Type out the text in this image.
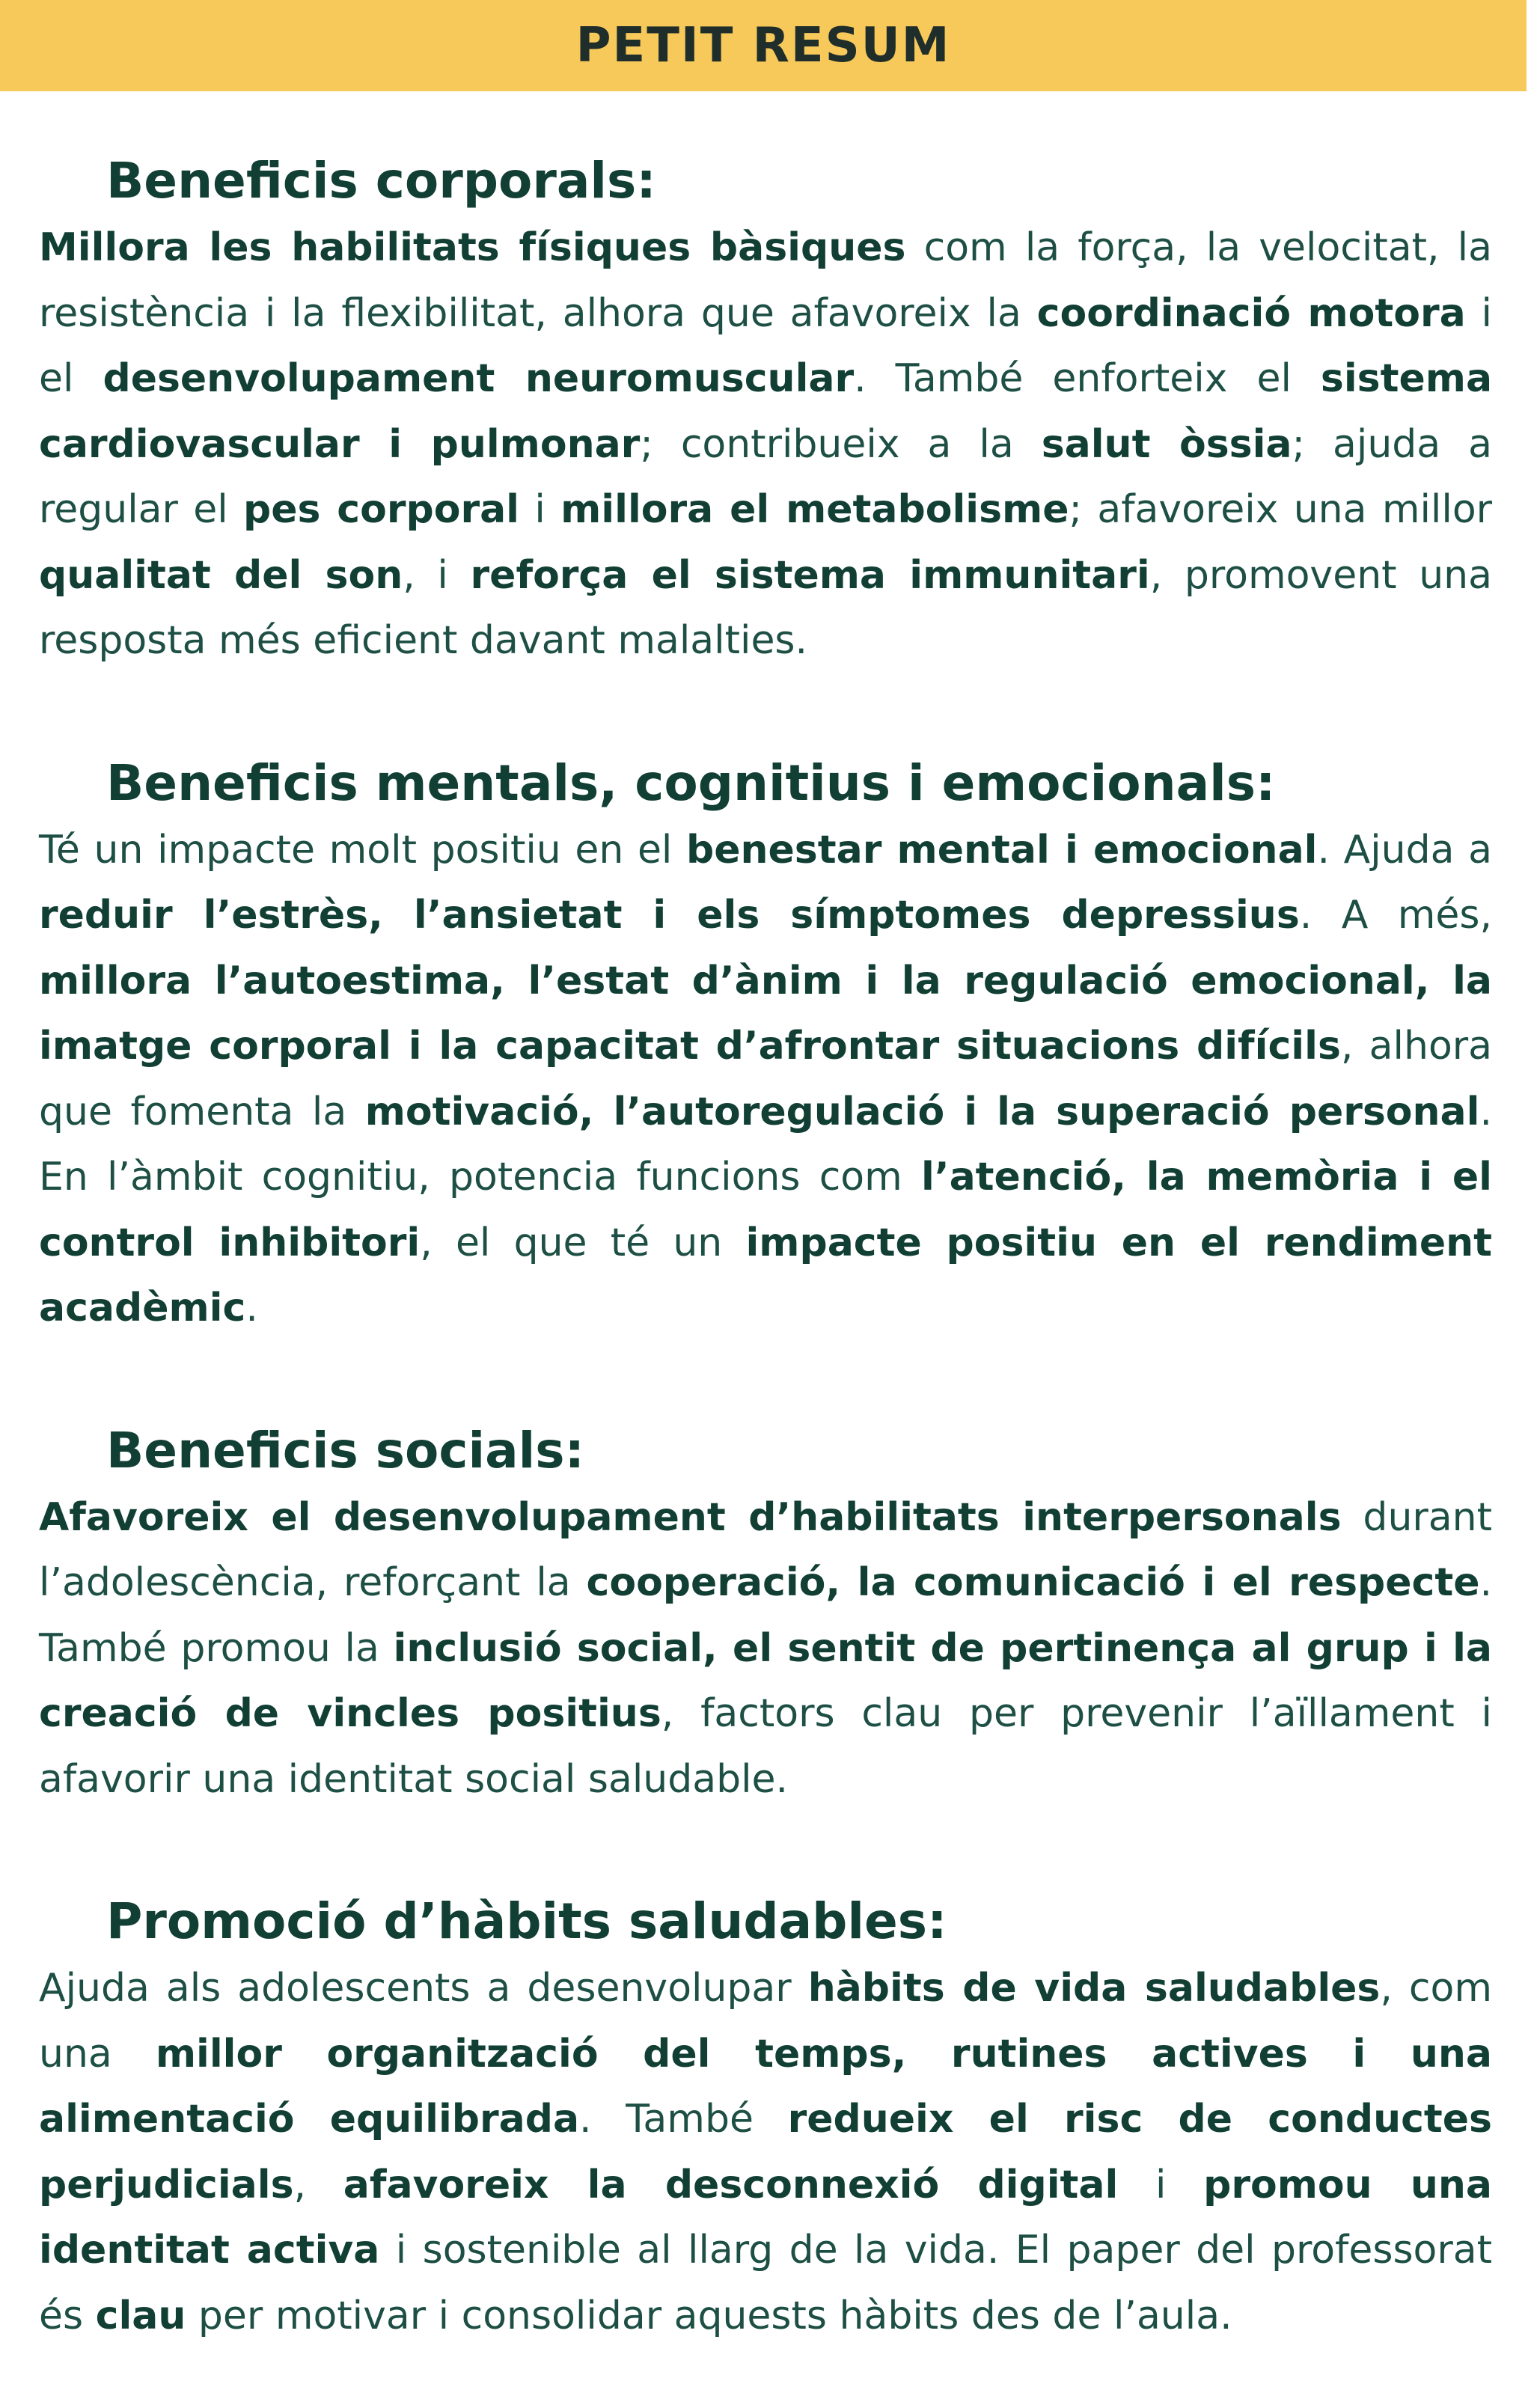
PETIT RESUM
Beneficis corporals:

Millora les habilitats físiques bàsiques com la força, la velocitat, la resistència i la flexibilitat, alhora que afavoreix la coordinació motora i el desenvolupament neuromuscular. També enforteix el sistema cardiovascular i pulmonar; contribueix a la salut òssia; ajuda a regular el pes corporal i millora el metabolisme; afavoreix una millor qualitat del son, i reforça el sistema immunitari, promovent una resposta més eficient davant malalties.

Beneficis mentals, cognitius i emocionals:

Té un impacte molt positiu en el benestar mental i emocional. Ajuda a reduir l’estrès, l’ansietat i els símptomes depressius. A més, millora l’autoestima, l’estat d’ànim i la regulació emocional, la imatge corporal i la capacitat d’afrontar situacions difícils, alhora que fomenta la motivació, l’autoregulació i la superació personal. En l’àmbit cognitiu, potencia funcions com l’atenció, la memòria i el control inhibitori, el que té un impacte positiu en el rendiment acadèmic.

Beneficis socials:

Afavoreix el desenvolupament d’habilitats interpersonals durant l’adolescència, reforçant la cooperació, la comunicació i el respecte. També promou la inclusió social, el sentit de pertinença al grup i la creació de vincles positius, factors clau per prevenir l’aïllament i afavorir una identitat social saludable.

Promoció d’hàbits saludables:

Ajuda als adolescents a desenvolupar hàbits de vida saludables, com una millor organització del temps, rutines actives i una alimentació equilibrada. També redueix el risc de conductes perjudicials, afavoreix la desconnexió digital i promou una identitat activa i sostenible al llarg de la vida. El paper del professorat és clau per motivar i consolidar aquests hàbits des de l’aula.
